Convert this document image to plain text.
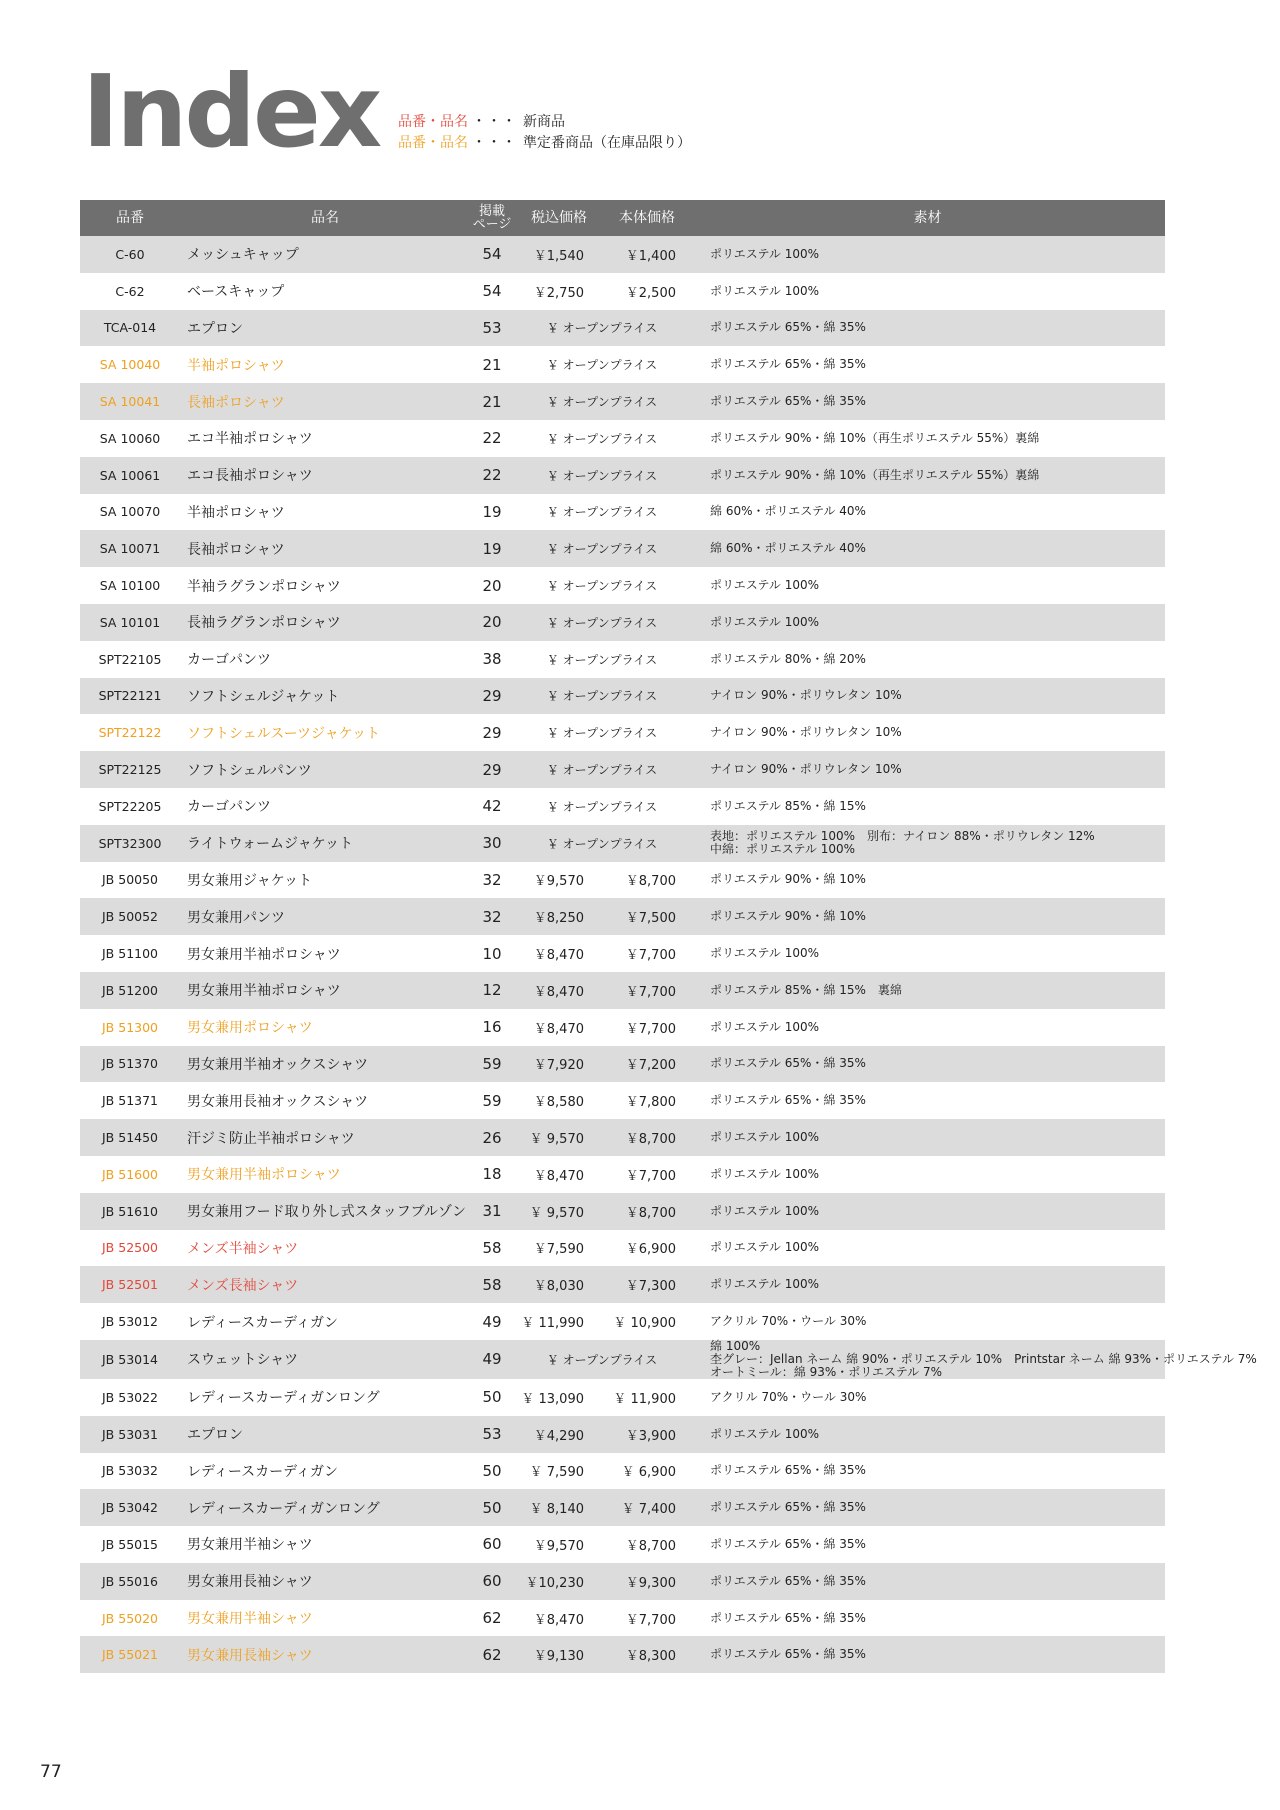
Index 品番・品名 ・・・ 新商品
品番・品名 ・・・ 準定番商品（在庫品限り）
品番	品名	掲載
ページ	税込価格	本体価格	素材
C-60	メッシュキャップ	54	￥1,540	￥1,400	ポリエステル 100%

C-62	ベースキャップ	54	￥2,750	￥2,500	ポリエステル 100%

TCA-014	エプロン	53	￥ オープンプライス		ポリエステル 65%・綿 35%

SA 10040	半袖ポロシャツ	21	￥ オープンプライス		ポリエステル 65%・綿 35%

SA 10041	長袖ポロシャツ	21	￥ オープンプライス		ポリエステル 65%・綿 35%

SA 10060	エコ半袖ポロシャツ	22	￥ オープンプライス		ポリエステル 90%・綿 10%（再生ポリエステル 55%）裏綿

SA 10061	エコ長袖ポロシャツ	22	￥ オープンプライス		ポリエステル 90%・綿 10%（再生ポリエステル 55%）裏綿

SA 10070	半袖ポロシャツ	19	￥ オープンプライス		綿 60%・ポリエステル 40%

SA 10071	長袖ポロシャツ	19	￥ オープンプライス		綿 60%・ポリエステル 40%

SA 10100	半袖ラグランポロシャツ	20	￥ オープンプライス		ポリエステル 100%

SA 10101	長袖ラグランポロシャツ	20	￥ オープンプライス		ポリエステル 100%

SPT22105	カーゴパンツ	38	￥ オープンプライス		ポリエステル 80%・綿 20%

SPT22121	ソフトシェルジャケット	29	￥ オープンプライス		ナイロン 90%・ポリウレタン 10%

SPT22122	ソフトシェルスーツジャケット	29	￥ オープンプライス		ナイロン 90%・ポリウレタン 10%

SPT22125	ソフトシェルパンツ	29	￥ オープンプライス		ナイロン 90%・ポリウレタン 10%

SPT22205	カーゴパンツ	42	￥ オープンプライス		ポリエステル 85%・綿 15%

SPT32300	ライトウォームジャケット	30	￥ オープンプライス		表地：ポリエステル 100%　別布：ナイロン 88%・ポリウレタン 12%
中綿：ポリエステル 100%

JB 50050	男女兼用ジャケット	32	￥9,570	￥8,700	ポリエステル 90%・綿 10%

JB 50052	男女兼用パンツ	32	￥8,250	￥7,500	ポリエステル 90%・綿 10%

JB 51100	男女兼用半袖ポロシャツ	10	￥8,470	￥7,700	ポリエステル 100%

JB 51200	男女兼用半袖ポロシャツ	12	￥8,470	￥7,700	ポリエステル 85%・綿 15%　裏綿

JB 51300	男女兼用ポロシャツ	16	￥8,470	￥7,700	ポリエステル 100%

JB 51370	男女兼用半袖オックスシャツ	59	￥7,920	￥7,200	ポリエステル 65%・綿 35%

JB 51371	男女兼用長袖オックスシャツ	59	￥8,580	￥7,800	ポリエステル 65%・綿 35%

JB 51450	汗ジミ防止半袖ポロシャツ	26	￥ 9,570	￥8,700	ポリエステル 100%

JB 51600	男女兼用半袖ポロシャツ	18	￥8,470	￥7,700	ポリエステル 100%

JB 51610	男女兼用フード取り外し式スタッフブルゾン	31	￥ 9,570	￥8,700	ポリエステル 100%

JB 52500	メンズ半袖シャツ	58	￥7,590	￥6,900	ポリエステル 100%

JB 52501	メンズ長袖シャツ	58	￥8,030	￥7,300	ポリエステル 100%

JB 53012	レディースカーディガン	49	￥ 11,990	￥ 10,900	アクリル 70%・ウール 30%

JB 53014	スウェットシャツ	49	￥ オープンプライス		綿 100%
杢グレー：Jellan ネーム 綿 90%・ポリエステル 10%　Printstar ネーム 綿 93%・ポリエステル 7%
オートミール：綿 93%・ポリエステル 7%

JB 53022	レディースカーディガンロング	50	￥ 13,090	￥ 11,900	アクリル 70%・ウール 30%

JB 53031	エプロン	53	￥4,290	￥3,900	ポリエステル 100%

JB 53032	レディースカーディガン	50	￥ 7,590	￥ 6,900	ポリエステル 65%・綿 35%

JB 53042	レディースカーディガンロング	50	￥ 8,140	￥ 7,400	ポリエステル 65%・綿 35%

JB 55015	男女兼用半袖シャツ	60	￥9,570	￥8,700	ポリエステル 65%・綿 35%

JB 55016	男女兼用長袖シャツ	60	￥10,230	￥9,300	ポリエステル 65%・綿 35%

JB 55020	男女兼用半袖シャツ	62	￥8,470	￥7,700	ポリエステル 65%・綿 35%

JB 55021	男女兼用長袖シャツ	62	￥9,130	￥8,300	ポリエステル 65%・綿 35%
77
